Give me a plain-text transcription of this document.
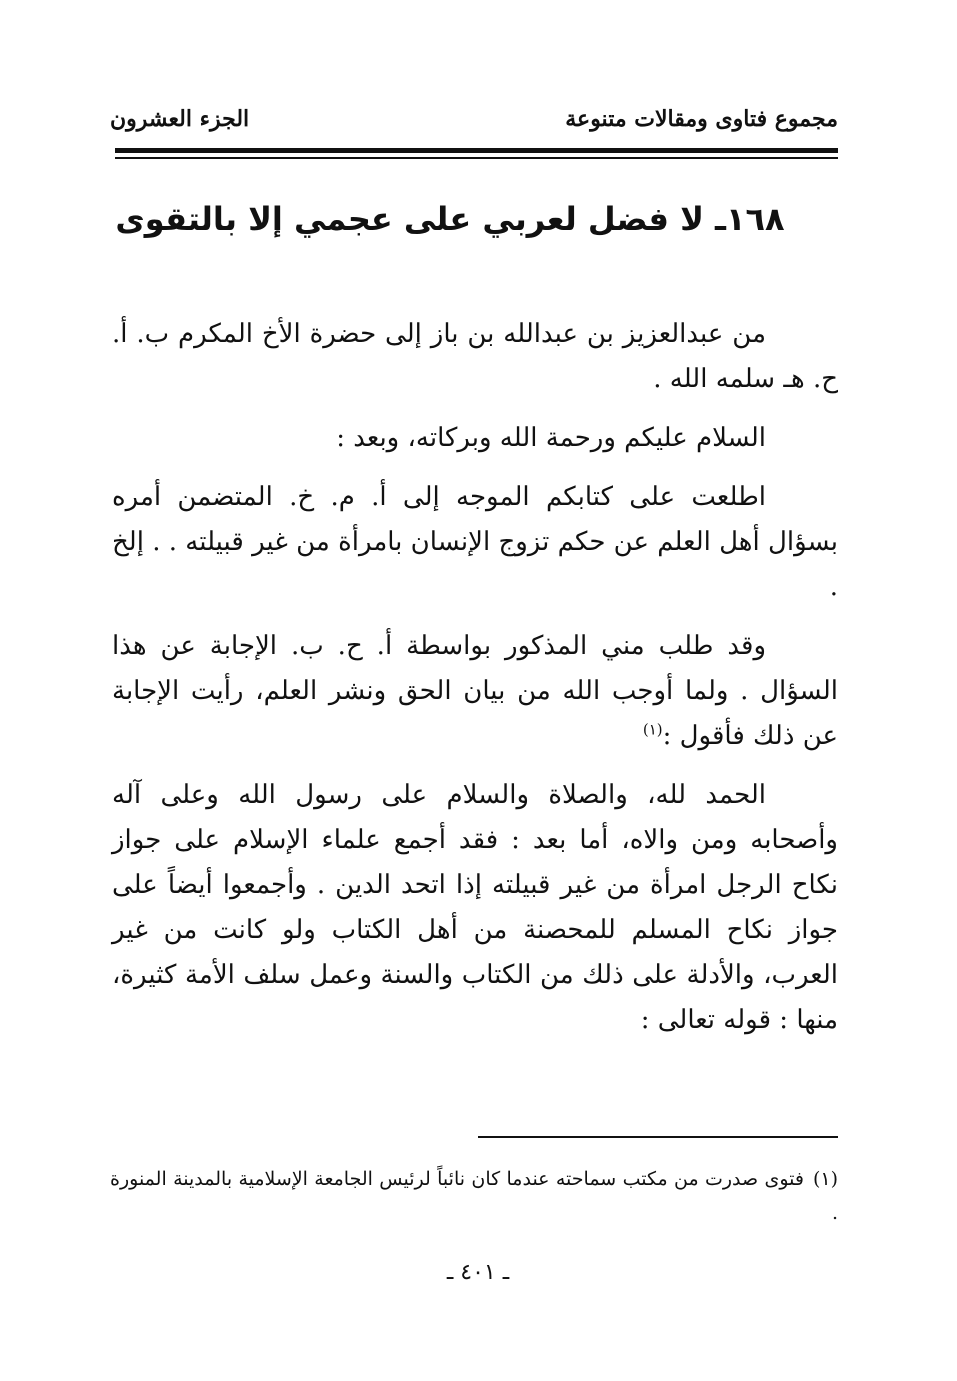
مجموع فتاوى ومقالات متنوعة
الجزء العشرون
١٦٨ـ لا فضل لعربي على عجمي إلا بالتقوى

من عبدالعزيز بن عبدالله بن باز إلى حضرة الأخ المكرم ب. أ. ح. هـ سلمه الله .

السلام عليكم ورحمة الله وبركاته، وبعد :

اطلعت على كتابكم الموجه إلى أ. م. خ. المتضمن أمره بسؤال أهل العلم عن حكم تزوج الإنسان بامرأة من غير قبيلته . . إلخ .

وقد طلب مني المذكور بواسطة أ. ح. ب. الإجابة عن هذا السؤال . ولما أوجب الله من بيان الحق ونشر العلم، رأيت الإجابة عن ذلك فأقول :$^{(١)}$

الحمد لله، والصلاة والسلام على رسول الله وعلى آله وأصحابه ومن والاه، أما بعد : فقد أجمع علماء الإسلام على جواز نكاح الرجل امرأة من غير قبيلته إذا اتحد الدين . وأجمعوا أيضاً على جواز نكاح المسلم للمحصنة من أهل الكتاب ولو كانت من غير العرب، والأدلة على ذلك من الكتاب والسنة وعمل سلف الأمة كثيرة، منها : قوله تعالى :

(١)فتوى صدرت من مكتب سماحته عندما كان نائباً لرئيس الجامعة الإسلامية بالمدينة المنورة .
ـ ٤٠١ ـ
